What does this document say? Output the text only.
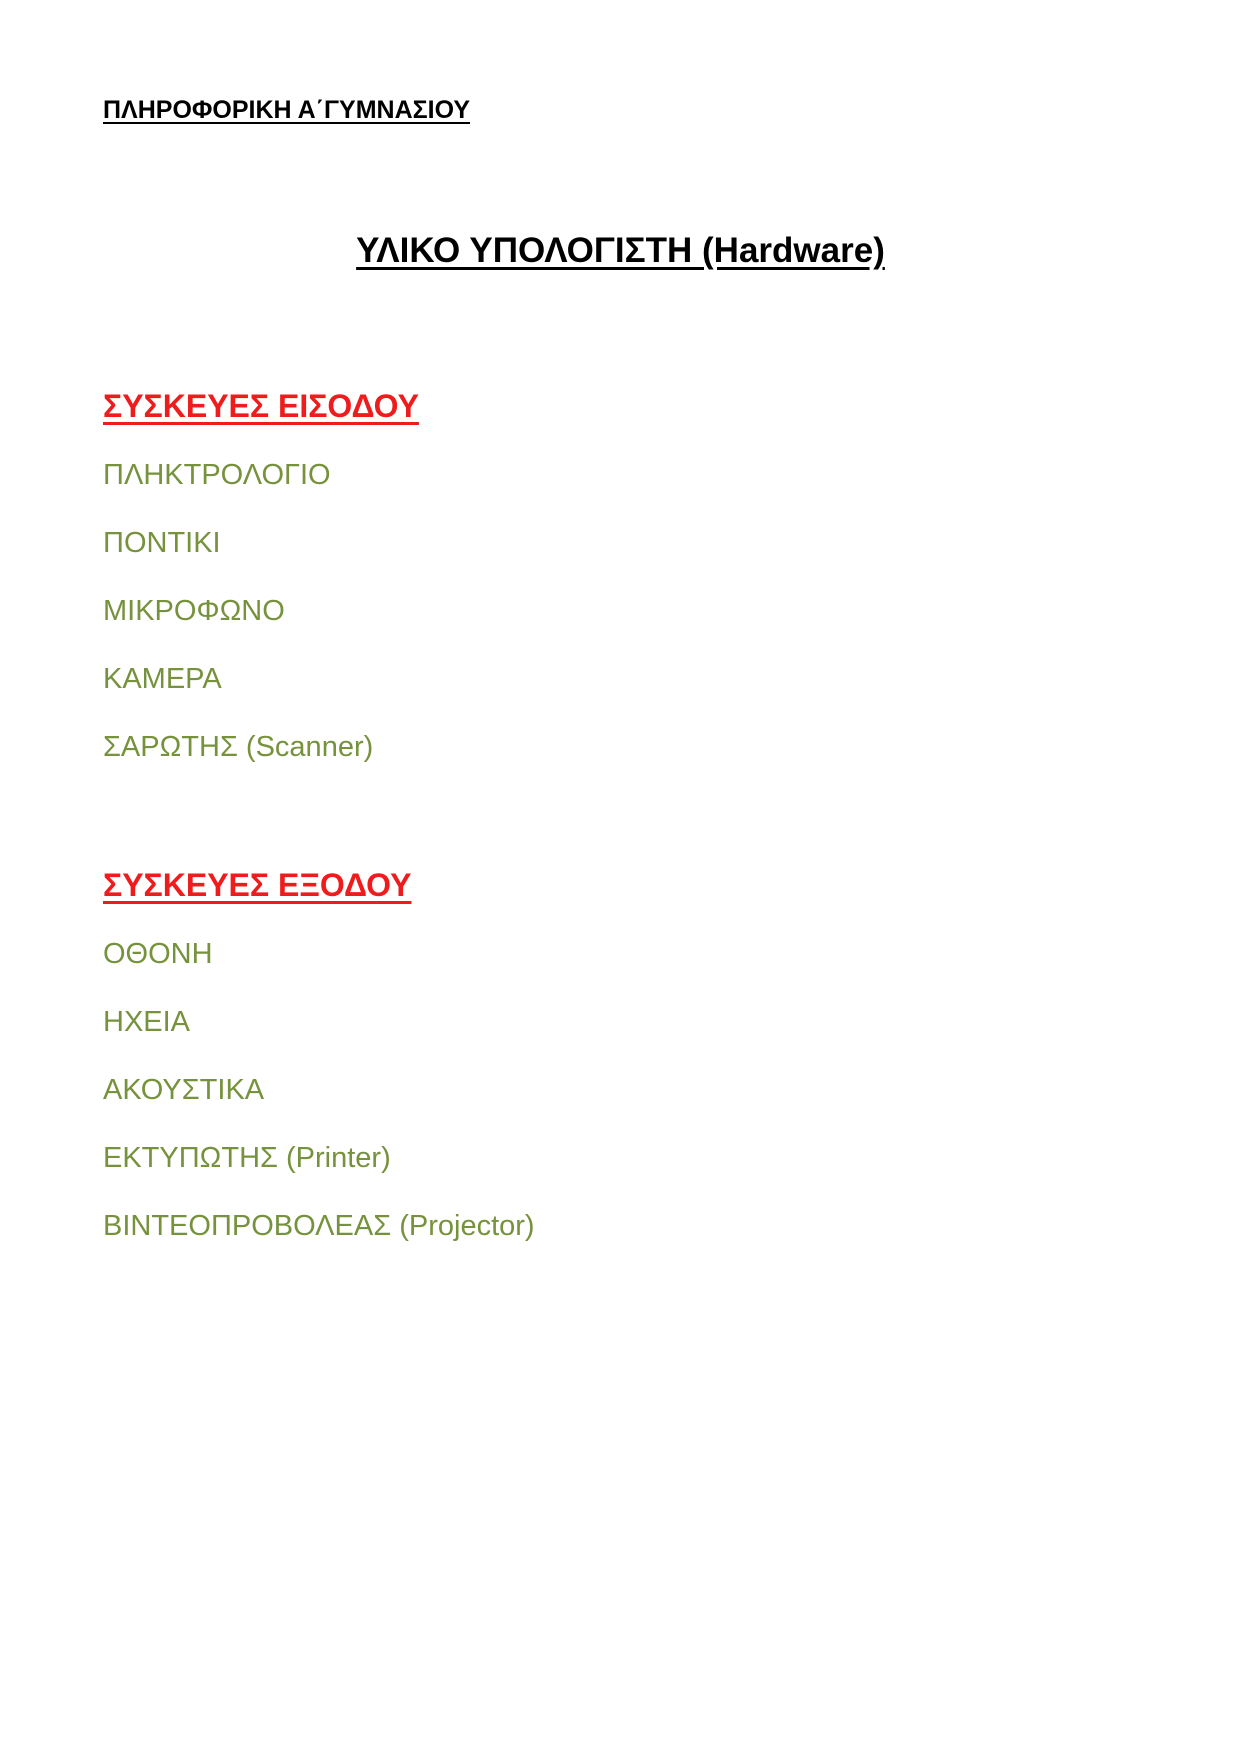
ΠΛΗΡΟΦΟΡΙΚΗ Α΄ΓΥΜΝΑΣΙΟΥ
ΥΛΙΚΟ ΥΠΟΛΟΓΙΣΤΗ (Hardware)
ΣΥΣΚΕΥΕΣ ΕΙΣΟΔΟΥ
ΠΛΗΚΤΡΟΛΟΓΙΟ
ΠΟΝΤΙΚΙ
ΜΙΚΡΟΦΩΝΟ
ΚΑΜΕΡΑ
ΣΑΡΩΤΗΣ (Scanner)
ΣΥΣΚΕΥΕΣ ΕΞΟΔΟΥ
ΟΘΟΝΗ
ΗΧΕΙΑ
ΑΚΟΥΣΤΙΚΑ
ΕΚΤΥΠΩΤΗΣ (Printer)
ΒΙΝΤΕΟΠΡΟΒΟΛΕΑΣ (Projector)
